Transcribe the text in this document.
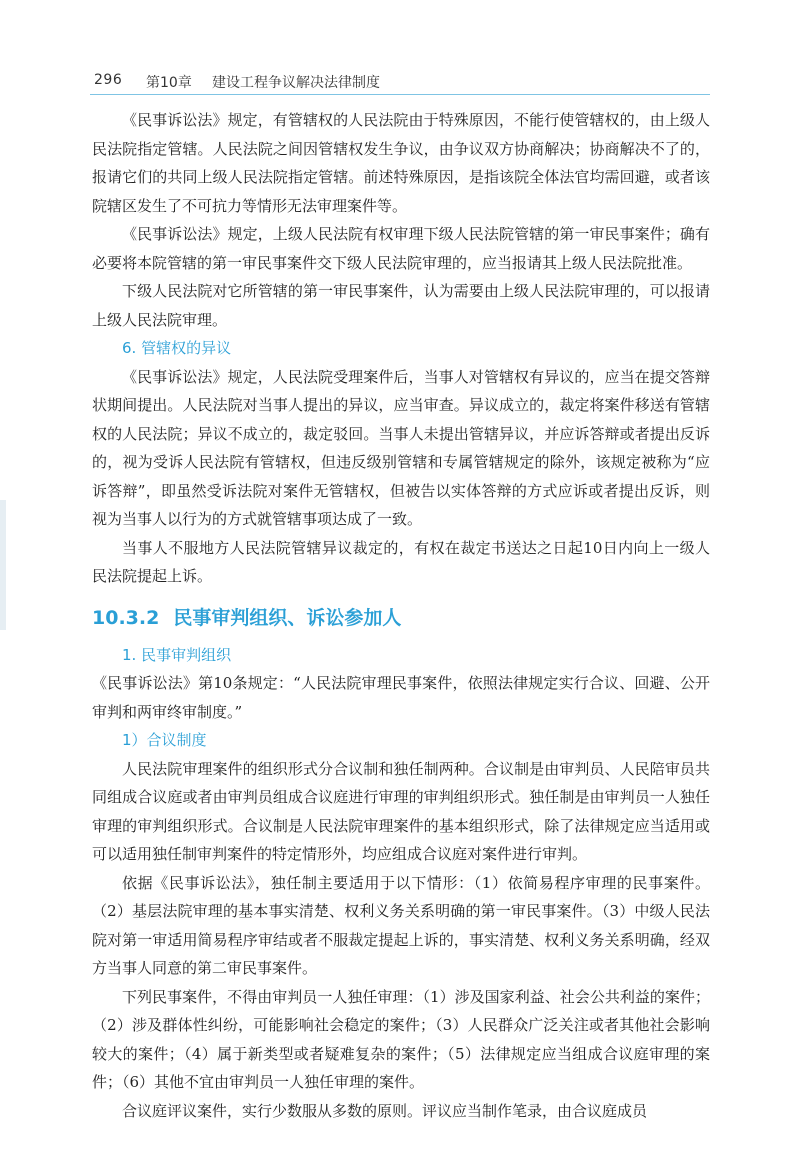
296 第10章 建设工程争议解决法律制度

《民事诉讼法》规定，有管辖权的人民法院由于特殊原因，不能行使管辖权的，由上级人民法院指定管辖。人民法院之间因管辖权发生争议，由争议双方协商解决；协商解决不了的，报请它们的共同上级人民法院指定管辖。前述特殊原因，是指该院全体法官均需回避，或者该院辖区发生了不可抗力等情形无法审理案件等。

《民事诉讼法》规定，上级人民法院有权审理下级人民法院管辖的第一审民事案件；确有必要将本院管辖的第一审民事案件交下级人民法院审理的，应当报请其上级人民法院批准。

下级人民法院对它所管辖的第一审民事案件，认为需要由上级人民法院审理的，可以报请上级人民法院审理。

6. 管辖权的异议

《民事诉讼法》规定，人民法院受理案件后，当事人对管辖权有异议的，应当在提交答辩状期间提出。人民法院对当事人提出的异议，应当审查。异议成立的，裁定将案件移送有管辖权的人民法院；异议不成立的，裁定驳回。当事人未提出管辖异议，并应诉答辩或者提出反诉的，视为受诉人民法院有管辖权，但违反级别管辖和专属管辖规定的除外，该规定被称为“应诉答辩”，即虽然受诉法院对案件无管辖权，但被告以实体答辩的方式应诉或者提出反诉，则视为当事人以行为的方式就管辖事项达成了一致。

当事人不服地方人民法院管辖异议裁定的，有权在裁定书送达之日起10日内向上一级人民法院提起上诉。

10.3.2 民事审判组织、诉讼参加人
1. 民事审判组织

《民事诉讼法》第10条规定：“人民法院审理民事案件，依照法律规定实行合议、回避、公开审判和两审终审制度。”

1）合议制度

人民法院审理案件的组织形式分合议制和独任制两种。合议制是由审判员、人民陪审员共同组成合议庭或者由审判员组成合议庭进行审理的审判组织形式。独任制是由审判员一人独任审理的审判组织形式。合议制是人民法院审理案件的基本组织形式，除了法律规定应当适用或可以适用独任制审判案件的特定情形外，均应组成合议庭对案件进行审判。

依据《民事诉讼法》，独任制主要适用于以下情形：（1）依简易程序审理的民事案件。（2）基层法院审理的基本事实清楚、权利义务关系明确的第一审民事案件。（3）中级人民法院对第一审适用简易程序审结或者不服裁定提起上诉的，事实清楚、权利义务关系明确，经双方当事人同意的第二审民事案件。

下列民事案件，不得由审判员一人独任审理：（1）涉及国家利益、社会公共利益的案件；（2）涉及群体性纠纷，可能影响社会稳定的案件；（3）人民群众广泛关注或者其他社会影响较大的案件；（4）属于新类型或者疑难复杂的案件；（5）法律规定应当组成合议庭审理的案件；（6）其他不宜由审判员一人独任审理的案件。

合议庭评议案件，实行少数服从多数的原则。评议应当制作笔录，由合议庭成员
